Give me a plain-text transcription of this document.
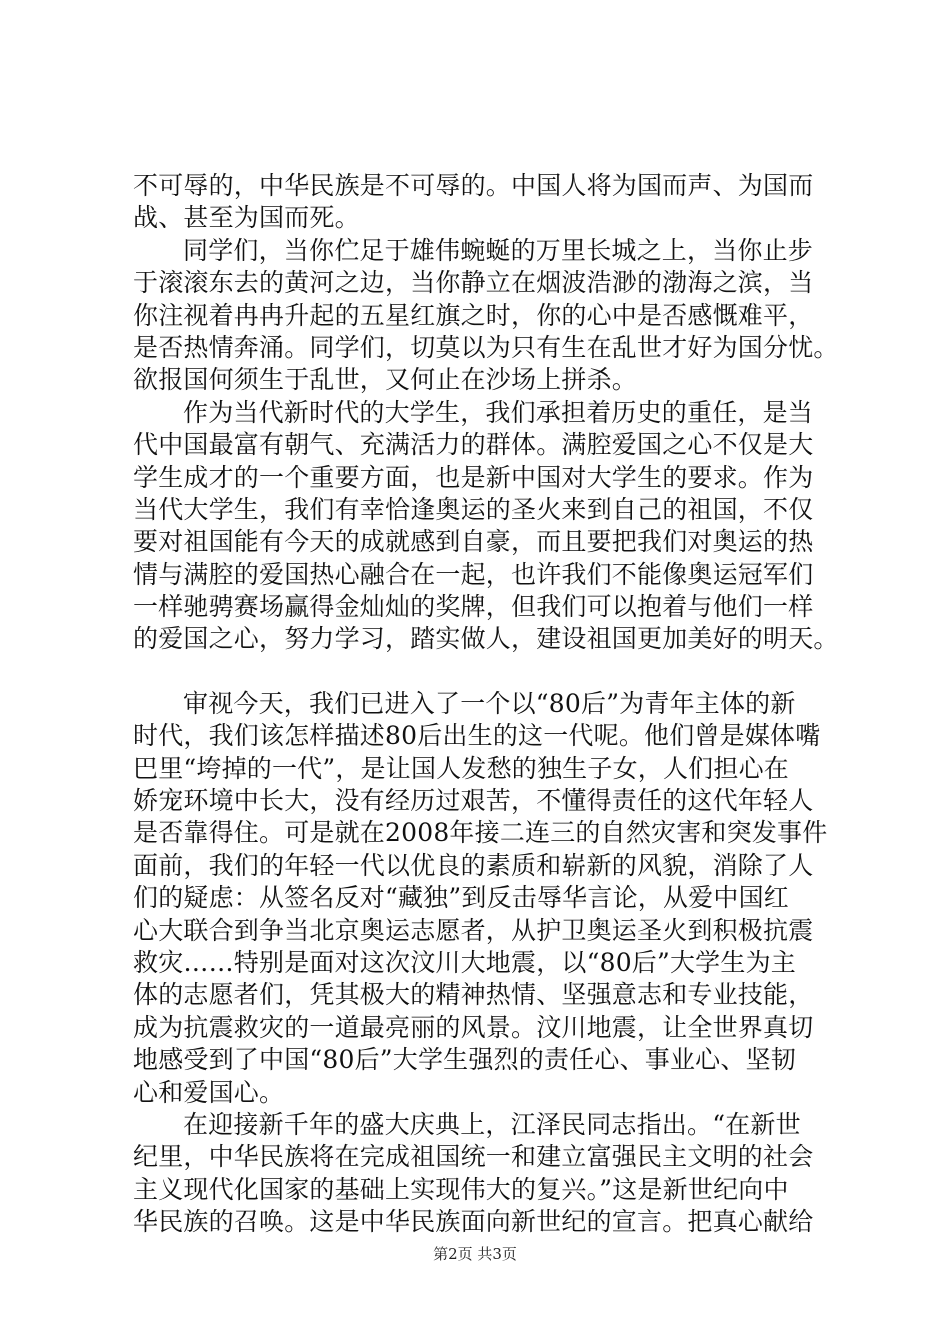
不可辱的，中华民族是不可辱的。中国人将为国而声、为国而
战、甚至为国而死。
同学们，当你伫足于雄伟蜿蜒的万里长城之上，当你止步
于滚滚东去的黄河之边，当你静立在烟波浩渺的渤海之滨，当
你注视着冉冉升起的五星红旗之时，你的心中是否感慨难平，
是否热情奔涌。同学们，切莫以为只有生在乱世才好为国分忧。
欲报国何须生于乱世，又何止在沙场上拼杀。
作为当代新时代的大学生，我们承担着历史的重任，是当
代中国最富有朝气、充满活力的群体。满腔爱国之心不仅是大
学生成才的一个重要方面，也是新中国对大学生的要求。作为
当代大学生，我们有幸恰逢奥运的圣火来到自己的祖国，不仅
要对祖国能有今天的成就感到自豪，而且要把我们对奥运的热
情与满腔的爱国热心融合在一起，也许我们不能像奥运冠军们
一样驰骋赛场赢得金灿灿的奖牌，但我们可以抱着与他们一样
的爱国之心，努力学习，踏实做人，建设祖国更加美好的明天。
审视今天，我们已进入了一个以“80后”为青年主体的新
时代，我们该怎样描述80后出生的这一代呢。他们曾是媒体嘴
巴里“垮掉的一代”，是让国人发愁的独生子女，人们担心在
娇宠环境中长大，没有经历过艰苦，不懂得责任的这代年轻人
是否靠得住。可是就在2008年接二连三的自然灾害和突发事件
面前，我们的年轻一代以优良的素质和崭新的风貌，消除了人
们的疑虑：从签名反对“藏独”到反击辱华言论，从爱中国红
心大联合到争当北京奥运志愿者，从护卫奥运圣火到积极抗震
救灾……特别是面对这次汶川大地震，以“80后”大学生为主
体的志愿者们，凭其极大的精神热情、坚强意志和专业技能，
成为抗震救灾的一道最亮丽的风景。汶川地震，让全世界真切
地感受到了中国“80后”大学生强烈的责任心、事业心、坚韧
心和爱国心。
在迎接新千年的盛大庆典上，江泽民同志指出。“在新世
纪里，中华民族将在完成祖国统一和建立富强民主文明的社会
主义现代化国家的基础上实现伟大的复兴。”这是新世纪向中
华民族的召唤。这是中华民族面向新世纪的宣言。把真心献给
第2页 共3页
